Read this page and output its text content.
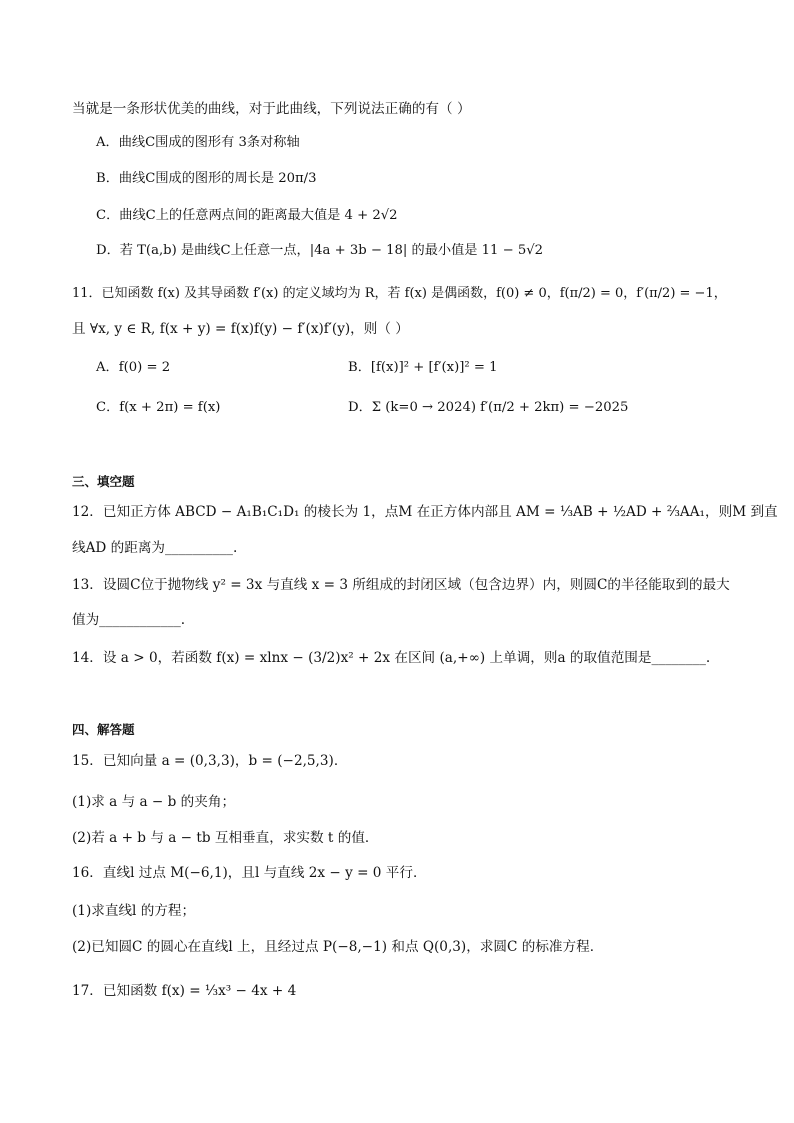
当就是一条形状优美的曲线，对于此曲线，下列说法正确的有（ ）
A．曲线C围成的图形有 3条对称轴
B．曲线C围成的图形的周长是 20π/3
C．曲线C上的任意两点间的距离最大值是 4 + 2√2
D．若 T(a,b) 是曲线C上任意一点，|4a + 3b − 18| 的最小值是 11 − 5√2
11．已知函数 f(x) 及其导函数 f′(x) 的定义域均为 R，若 f(x) 是偶函数，f(0) ≠ 0，f(π/2) = 0，f′(π/2) = −1，
且 ∀x, y ∈ R, f(x + y) = f(x)f(y) − f′(x)f′(y)，则（ ）
A．f(0) = 2	B．[f(x)]² + [f′(x)]² = 1
C．f(x + 2π) = f(x)	D．Σ (k=0 → 2024) f′(π/2 + 2kπ) = −2025
三、填空题
12．已知正方体 ABCD − A₁B₁C₁D₁ 的棱长为 1，点M 在正方体内部且 AM = ⅓AB + ½AD + ⅔AA₁，则M 到直
线AD 的距离为__________.
13．设圆C位于抛物线 y² = 3x 与直线 x = 3 所组成的封闭区域（包含边界）内，则圆C的半径能取到的最大
值为____________.
14．设 a > 0，若函数 f(x) = xlnx − (3/2)x² + 2x 在区间 (a,+∞) 上单调，则a 的取值范围是________.
四、解答题
15．已知向量 a = (0,3,3)，b = (−2,5,3)．
(1)求 a 与 a − b 的夹角；
(2)若 a + b 与 a − tb 互相垂直，求实数 t 的值．
16．直线l 过点 M(−6,1)，且l 与直线 2x − y = 0 平行．
(1)求直线l 的方程；
(2)已知圆C 的圆心在直线l 上，且经过点 P(−8,−1) 和点 Q(0,3)，求圆C 的标准方程．
17．已知函数 f(x) = ⅓x³ − 4x + 4
